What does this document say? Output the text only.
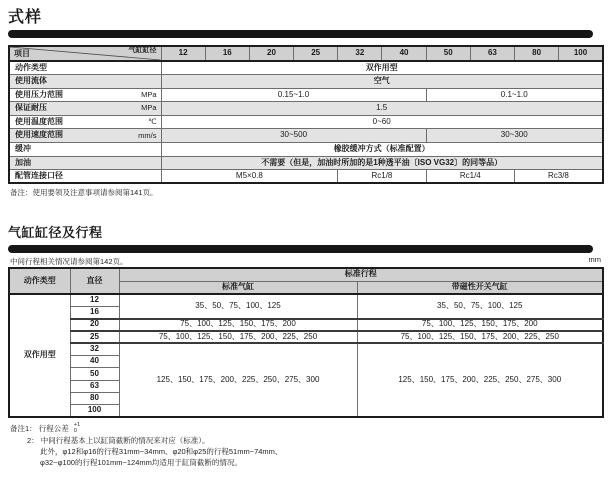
式样
项目 气缸缸径	12	16	20	25	32	40	50	63	80	100

动作类型	双作用型									

使用流体	空气									

使用压力范围 MPa	0.15~1.0						0.1~1.0			

保证耐压 MPa	1.5									

使用温度范围 ℃	0~60									

使用速度范围 mm/s	30~500						30~300			

缓冲	橡胶缓冲方式（标准配置）									

加油	不需要（但是，加油时所加的是1种透平油〔ISO VG32〕的同等品）									

配管连接口径	M5×0.8				Rc1/8		Rc1/4		Rc3/8	
备注：使用要领及注意事项请参阅第141页。
气缸缸径及行程
中间行程相关情况请参阅第142页。	mm
动作类型	直径	标准行程	
		标准气缸	带磁性开关气缸
双作用型	12	35、50、75、100、125	35、50、75、100、125
	16		
	20	75、100、125、150、175、200	75、100、125、150、175、200
	25	75、100、125、150、175、200、225、250	75、100、125、150、175、200、225、250
	32	125、150、175、200、225、250、275、300	125、150、175、200、225、250、275、300
	40		
	50		
	63		
	80		
	100		
备注1： 行程公差 +1
0
2： 中间行程基本上以缸筒截断的情况来对应（标准）。
此外，φ12和φ16的行程31mm~34mm、φ20和φ25的行程51mm~74mm、
φ32~φ100的行程101mm~124mm均适用于缸筒截断的情况。
